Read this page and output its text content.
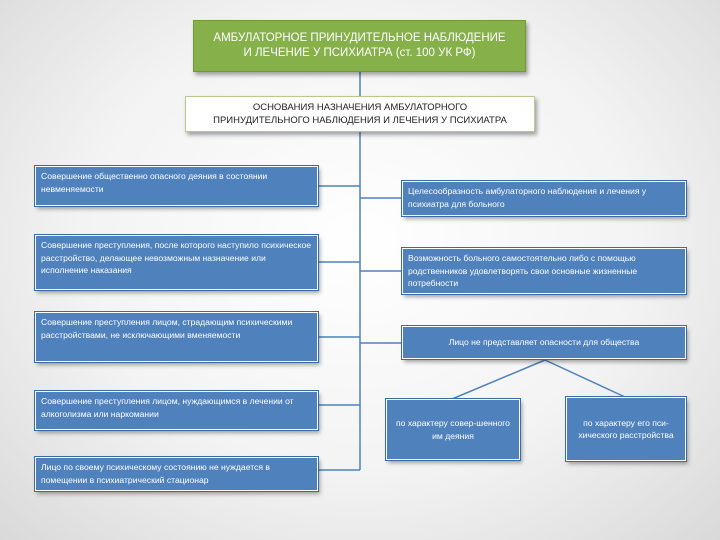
АМБУЛАТОРНОЕ ПРИНУДИТЕЛЬНОЕ НАБЛЮДЕНИЕ
И ЛЕЧЕНИЕ У ПСИХИАТРА (ст. 100 УК РФ)
ОСНОВАНИЯ НАЗНАЧЕНИЯ АМБУЛАТОРНОГО
ПРИНУДИТЕЛЬНОГО НАБЛЮДЕНИЯ И ЛЕЧЕНИЯ У ПСИХИАТРА
Совершение общественно опасного деяния в состоянии невменяемости
Совершение преступления, после которого наступило психическое расстройство, делающее невозможным назначение или исполнение наказания
Совершение преступления лицом, страдающим психическими расстройствами, не исключающими вменяемости
Совершение преступления лицом, нуждающимся в лечении от алкоголизма или наркомании
Лицо по своему психическому состоянию не нуждается в помещении в психиатрический стационар
Целесообразность амбулаторного наблюдения и лечения у психиатра для больного
Возможность больного самостоятельно либо с помощью родственников удовлетворять свои основные жизненные потребности
Лицо не представляет опасности для общества
по характеру совер-шенного им деяния
по характеру его пси-хического расстройства
